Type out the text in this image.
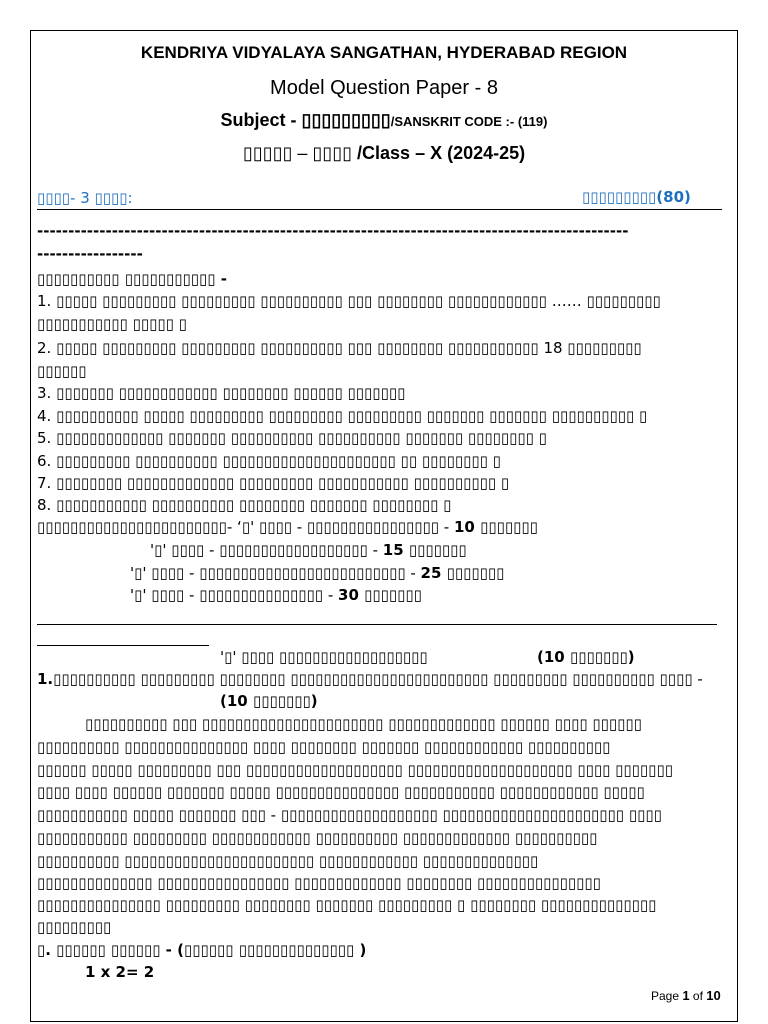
KENDRIYA VIDYALAYA SANGATHAN, HYDERABAD REGION
Model Question Paper - 8
Subject - ▯▯▯▯▯▯▯▯▯/SANSKRIT CODE :- (119)
▯▯▯▯▯ – ▯▯▯▯ /Class – X (2024-25)
▯▯▯▯- 3 ▯▯▯▯:	▯▯▯▯▯▯▯▯▯(80)
-----------------------------------------------------------------------------------------------
-----------------
▯▯▯▯▯▯▯▯▯▯ ▯▯▯▯▯▯▯▯▯▯▯ -
1. ▯▯▯▯▯ ▯▯▯▯▯▯▯▯▯ ▯▯▯▯▯▯▯▯▯ ▯▯▯▯▯▯▯▯▯▯ ▯▯▯ ▯▯▯▯▯▯▯▯ ▯▯▯▯▯▯▯▯▯▯▯▯ …… ▯▯▯▯▯▯▯▯▯
▯▯▯▯▯▯▯▯▯▯▯ ▯▯▯▯▯ ▯
2. ▯▯▯▯▯ ▯▯▯▯▯▯▯▯▯ ▯▯▯▯▯▯▯▯▯ ▯▯▯▯▯▯▯▯▯▯ ▯▯▯ ▯▯▯▯▯▯▯▯ ▯▯▯▯▯▯▯▯▯▯▯ 18 ▯▯▯▯▯▯▯▯▯
▯▯▯▯▯▯
3. ▯▯▯▯▯▯▯ ▯▯▯▯▯▯▯▯▯▯▯▯ ▯▯▯▯▯▯▯▯ ▯▯▯▯▯▯ ▯▯▯▯▯▯▯
4. ▯▯▯▯▯▯▯▯▯▯ ▯▯▯▯▯ ▯▯▯▯▯▯▯▯▯ ▯▯▯▯▯▯▯▯▯ ▯▯▯▯▯▯▯▯▯ ▯▯▯▯▯▯▯ ▯▯▯▯▯▯▯ ▯▯▯▯▯▯▯▯▯▯ ▯
5. ▯▯▯▯▯▯▯▯▯▯▯▯▯ ▯▯▯▯▯▯▯ ▯▯▯▯▯▯▯▯▯▯ ▯▯▯▯▯▯▯▯▯▯ ▯▯▯▯▯▯▯ ▯▯▯▯▯▯▯▯ ▯
6. ▯▯▯▯▯▯▯▯▯ ▯▯▯▯▯▯▯▯▯▯ ▯▯▯▯▯▯▯▯▯▯▯▯▯▯▯▯▯▯▯▯▯ ▯▯ ▯▯▯▯▯▯▯▯ ▯
7. ▯▯▯▯▯▯▯▯ ▯▯▯▯▯▯▯▯▯▯▯▯▯ ▯▯▯▯▯▯▯▯▯ ▯▯▯▯▯▯▯▯▯▯▯ ▯▯▯▯▯▯▯▯▯▯ ▯
8. ▯▯▯▯▯▯▯▯▯▯▯ ▯▯▯▯▯▯▯▯▯▯ ▯▯▯▯▯▯▯▯ ▯▯▯▯▯▯▯ ▯▯▯▯▯▯▯▯ ▯
▯▯▯▯▯▯▯▯▯▯▯▯▯▯▯▯▯▯▯▯▯▯▯- ‘▯' ▯▯▯▯ - ▯▯▯▯▯▯▯▯▯▯▯▯▯▯▯▯ - 10 ▯▯▯▯▯▯▯
'▯' ▯▯▯▯ - ▯▯▯▯▯▯▯▯▯▯▯▯▯▯▯▯▯▯ - 15 ▯▯▯▯▯▯▯
'▯' ▯▯▯▯ - ▯▯▯▯▯▯▯▯▯▯▯▯▯▯▯▯▯▯▯▯▯▯▯▯▯ - 25 ▯▯▯▯▯▯▯
'▯' ▯▯▯▯ - ▯▯▯▯▯▯▯▯▯▯▯▯▯▯▯ - 30 ▯▯▯▯▯▯▯
'▯' ▯▯▯▯ ▯▯▯▯▯▯▯▯▯▯▯▯▯▯▯▯▯▯	(10 ▯▯▯▯▯▯▯)
1.▯▯▯▯▯▯▯▯▯▯ ▯▯▯▯▯▯▯▯▯ ▯▯▯▯▯▯▯▯ ▯▯▯▯▯▯▯▯▯▯▯▯▯▯▯▯▯▯▯▯▯▯▯▯ ▯▯▯▯▯▯▯▯▯ ▯▯▯▯▯▯▯▯▯▯ ▯▯▯▯ -
(10 ▯▯▯▯▯▯▯)
▯▯▯▯▯▯▯▯▯▯ ▯▯▯ ▯▯▯▯▯▯▯▯▯▯▯▯▯▯▯▯▯▯▯▯▯▯ ▯▯▯▯▯▯▯▯▯▯▯▯▯ ▯▯▯▯▯▯ ▯▯▯▯ ▯▯▯▯▯▯
▯▯▯▯▯▯▯▯▯▯ ▯▯▯▯▯▯▯▯▯▯▯▯▯▯▯ ▯▯▯▯ ▯▯▯▯▯▯▯▯ ▯▯▯▯▯▯▯ ▯▯▯▯▯▯▯▯▯▯▯▯ ▯▯▯▯▯▯▯▯▯▯
▯▯▯▯▯▯ ▯▯▯▯▯ ▯▯▯▯▯▯▯▯▯ ▯▯▯ ▯▯▯▯▯▯▯▯▯▯▯▯▯▯▯▯▯▯▯ ▯▯▯▯▯▯▯▯▯▯▯▯▯▯▯▯▯▯▯▯ ▯▯▯▯ ▯▯▯▯▯▯▯
▯▯▯▯ ▯▯▯▯ ▯▯▯▯▯▯ ▯▯▯▯▯▯▯ ▯▯▯▯▯ ▯▯▯▯▯▯▯▯▯▯▯▯▯▯▯ ▯▯▯▯▯▯▯▯▯▯▯ ▯▯▯▯▯▯▯▯▯▯▯▯ ▯▯▯▯▯
▯▯▯▯▯▯▯▯▯▯▯ ▯▯▯▯▯ ▯▯▯▯▯▯▯ ▯▯▯ - ▯▯▯▯▯▯▯▯▯▯▯▯▯▯▯▯▯▯▯ ▯▯▯▯▯▯▯▯▯▯▯▯▯▯▯▯▯▯▯▯▯▯ ▯▯▯▯
▯▯▯▯▯▯▯▯▯▯▯ ▯▯▯▯▯▯▯▯▯ ▯▯▯▯▯▯▯▯▯▯▯▯ ▯▯▯▯▯▯▯▯▯▯ ▯▯▯▯▯▯▯▯▯▯▯▯▯ ▯▯▯▯▯▯▯▯▯▯
▯▯▯▯▯▯▯▯▯▯ ▯▯▯▯▯▯▯▯▯▯▯▯▯▯▯▯▯▯▯▯▯▯▯ ▯▯▯▯▯▯▯▯▯▯▯▯ ▯▯▯▯▯▯▯▯▯▯▯▯▯▯
▯▯▯▯▯▯▯▯▯▯▯▯▯▯ ▯▯▯▯▯▯▯▯▯▯▯▯▯▯▯▯ ▯▯▯▯▯▯▯▯▯▯▯▯▯ ▯▯▯▯▯▯▯▯ ▯▯▯▯▯▯▯▯▯▯▯▯▯▯▯
▯▯▯▯▯▯▯▯▯▯▯▯▯▯▯ ▯▯▯▯▯▯▯▯▯ ▯▯▯▯▯▯▯▯ ▯▯▯▯▯▯▯ ▯▯▯▯▯▯▯▯▯ ▯ ▯▯▯▯▯▯▯▯ ▯▯▯▯▯▯▯▯▯▯▯▯▯▯
▯▯▯▯▯▯▯▯▯
▯. ▯▯▯▯▯▯ ▯▯▯▯▯▯ - (▯▯▯▯▯▯ ▯▯▯▯▯▯▯▯▯▯▯▯▯▯ )
1 x 2= 2
Page 1 of 10
